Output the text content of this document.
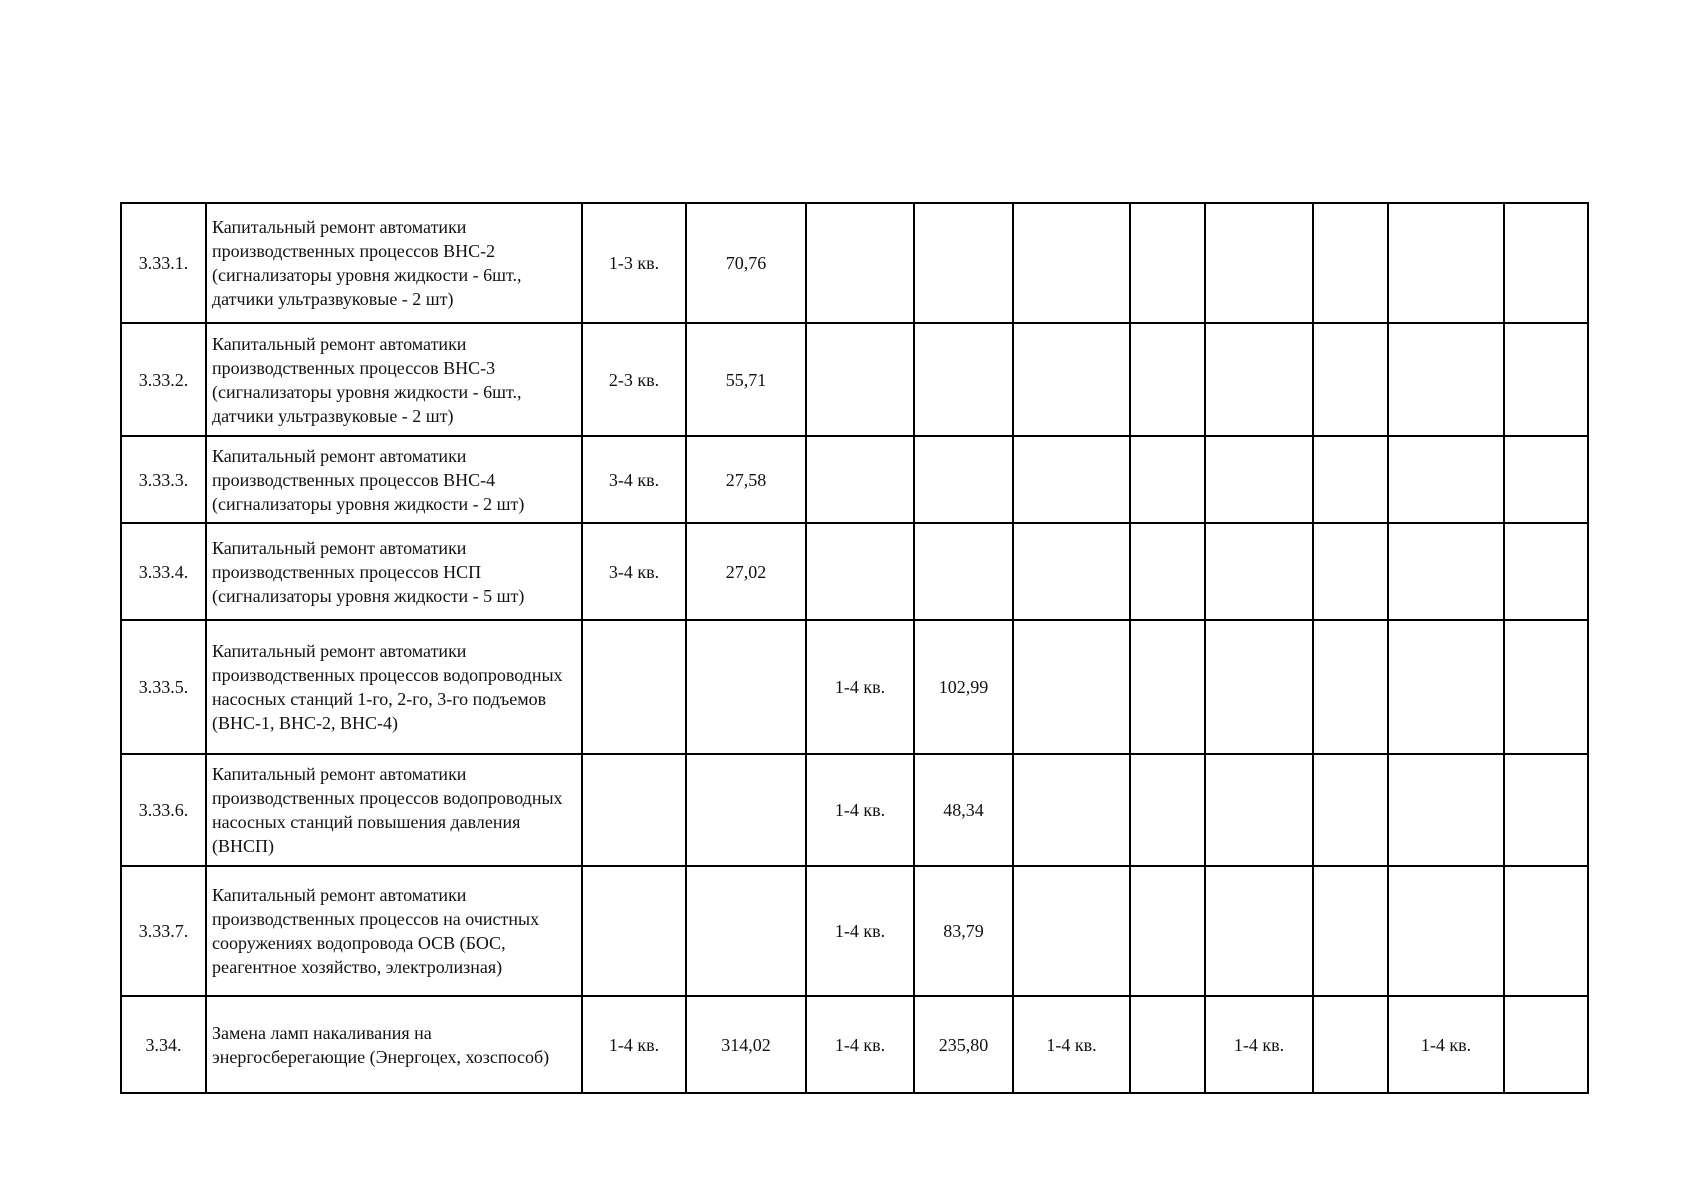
3.33.1.	Капитальный ремонт автоматики производственных процессов ВНС-2 (сигнализаторы уровня жидкости - 6шт., датчики ультразвуковые - 2 шт)	1-3 кв.	70,76								
3.33.2.	Капитальный ремонт автоматики производственных процессов ВНС-3 (сигнализаторы уровня жидкости - 6шт., датчики ультразвуковые - 2 шт)	2-3 кв.	55,71								
3.33.3.	Капитальный ремонт автоматики производственных процессов ВНС-4 (сигнализаторы уровня жидкости - 2 шт)	3-4 кв.	27,58								
3.33.4.	Капитальный ремонт автоматики производственных процессов НСП (сигнализаторы уровня жидкости - 5 шт)	3-4 кв.	27,02								
3.33.5.	Капитальный ремонт автоматики производственных процессов водопроводных насосных станций 1-го, 2-го, 3-го подъемов (ВНС-1, ВНС-2, ВНС-4)			1-4 кв.	102,99						
3.33.6.	Капитальный ремонт автоматики производственных процессов водопроводных насосных станций повышения давления (ВНСП)			1-4 кв.	48,34						
3.33.7.	Капитальный ремонт автоматики производственных процессов на очистных сооружениях водопровода ОСВ (БОС, реагентное хозяйство, электролизная)			1-4 кв.	83,79						
3.34.	Замена ламп накаливания на энергосберегающие (Энергоцех, хозспособ)	1-4 кв.	314,02	1-4 кв.	235,80	1-4 кв.		1-4 кв.		1-4 кв.	
